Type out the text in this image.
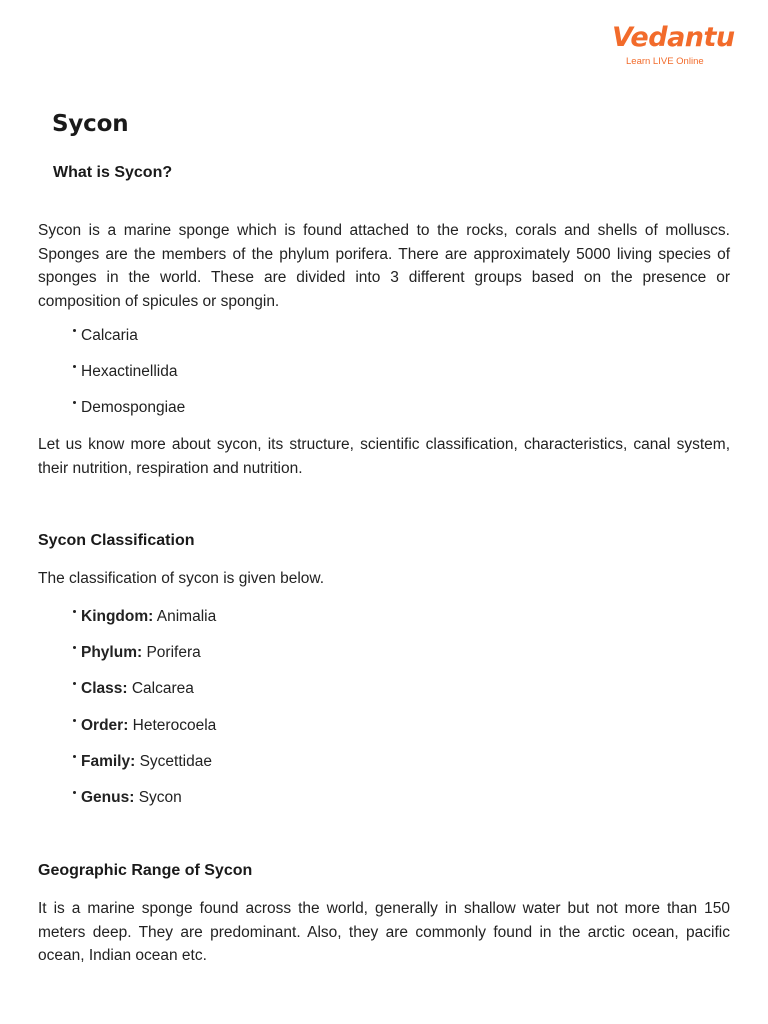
Vedantu
Learn LIVE Online
Sycon
What is Sycon?

Sycon is a marine sponge which is found attached to the rocks, corals and shells of molluscs. Sponges are the members of the phylum porifera. There are approximately 5000 living species of sponges in the world. These are divided into 3 different groups based on the presence or composition of spicules or spongin.

Calcaria
Hexactinellida
Demospongiae

Let us know more about sycon, its structure, scientific classification, characteristics, canal system, their nutrition, respiration and nutrition.

Sycon Classification

The classification of sycon is given below.

Kingdom: Animalia
Phylum: Porifera
Class: Calcarea
Order: Heterocoela
Family: Sycettidae
Genus: Sycon
Geographic Range of Sycon

It is a marine sponge found across the world, generally in shallow water but not more than 150 meters deep. They are predominant. Also, they are commonly found in the arctic ocean, pacific ocean, Indian ocean etc.
